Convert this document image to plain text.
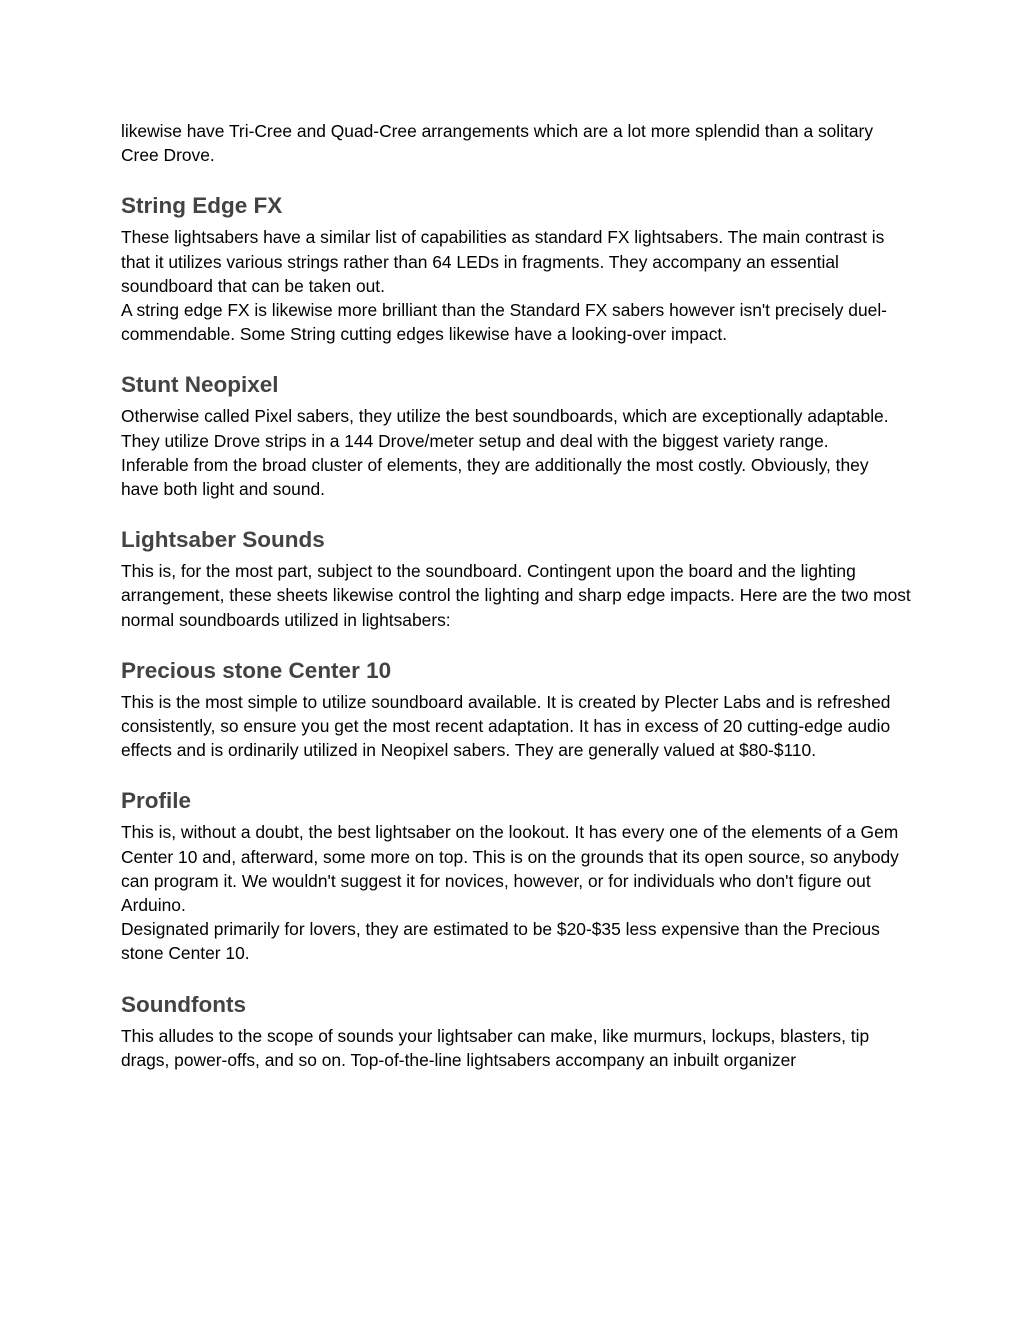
likewise have Tri-Cree and Quad-Cree arrangements which are a lot more splendid than a solitary Cree Drove.

String Edge FX

These lightsabers have a similar list of capabilities as standard FX lightsabers. The main contrast is that it utilizes various strings rather than 64 LEDs in fragments. They accompany an essential soundboard that can be taken out.

A string edge FX is likewise more brilliant than the Standard FX sabers however isn't precisely duel-commendable. Some String cutting edges likewise have a looking-over impact.

Stunt Neopixel

Otherwise called Pixel sabers, they utilize the best soundboards, which are exceptionally adaptable. They utilize Drove strips in a 144 Drove/meter setup and deal with the biggest variety range.

Inferable from the broad cluster of elements, they are additionally the most costly. Obviously, they have both light and sound.

Lightsaber Sounds

This is, for the most part, subject to the soundboard. Contingent upon the board and the lighting arrangement, these sheets likewise control the lighting and sharp edge impacts. Here are the two most normal soundboards utilized in lightsabers:

Precious stone Center 10

This is the most simple to utilize soundboard available. It is created by Plecter Labs and is refreshed consistently, so ensure you get the most recent adaptation. It has in excess of 20 cutting-edge audio effects and is ordinarily utilized in Neopixel sabers. They are generally valued at $80-$110.

Profile

This is, without a doubt, the best lightsaber on the lookout. It has every one of the elements of a Gem Center 10 and, afterward, some more on top. This is on the grounds that its open source, so anybody can program it. We wouldn't suggest it for novices, however, or for individuals who don't figure out Arduino.

Designated primarily for lovers, they are estimated to be $20-$35 less expensive than the Precious stone Center 10.

Soundfonts

This alludes to the scope of sounds your lightsaber can make, like murmurs, lockups, blasters, tip drags, power-offs, and so on. Top-of-the-line lightsabers accompany an inbuilt organizer
